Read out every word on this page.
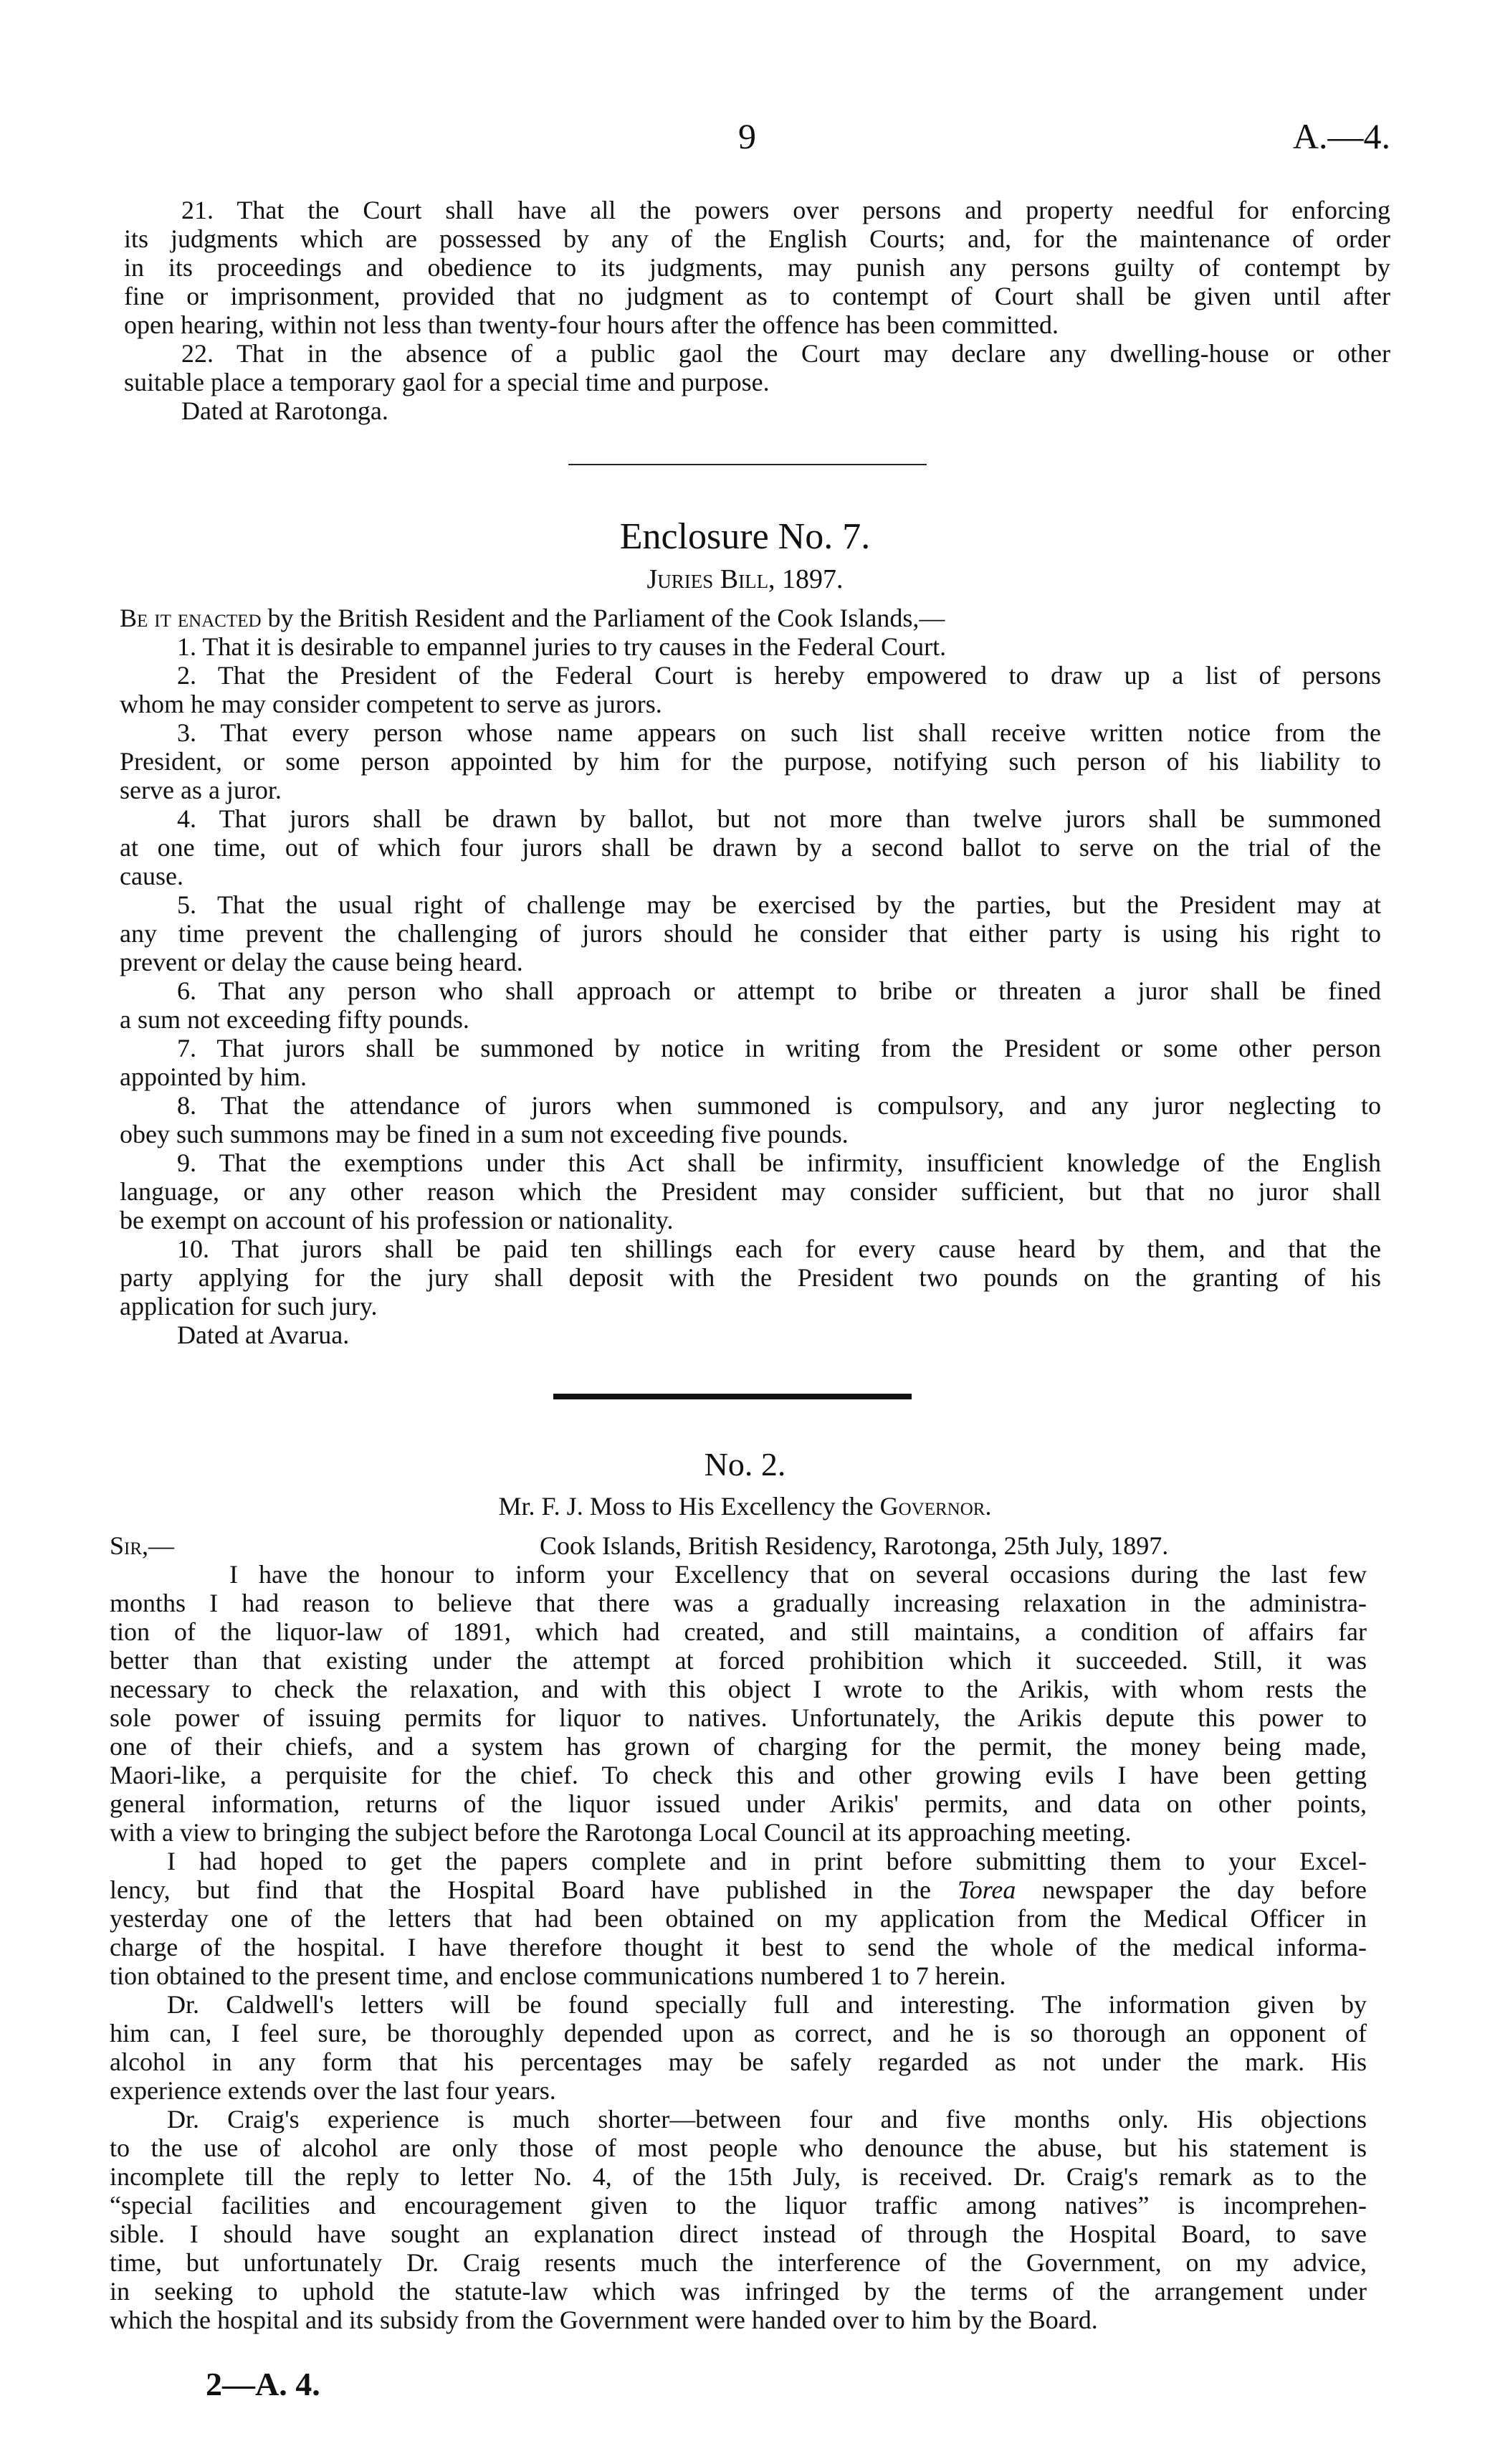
9	A.—4.
21. That the Court shall have all the powers over persons and property needful for enforcing
its judgments which are possessed by any of the English Courts; and, for the maintenance of order
in its proceedings and obedience to its judgments, may punish any persons guilty of contempt by
fine or imprisonment, provided that no judgment as to contempt of Court shall be given until after
open hearing, within not less than twenty-four hours after the offence has been committed.
22. That in the absence of a public gaol the Court may declare any dwelling-house or other
suitable place a temporary gaol for a special time and purpose.
Dated at Rarotonga.
Enclosure No. 7.
Juries Bill, 1897.
Be it enacted by the British Resident and the Parliament of the Cook Islands,—
1. That it is desirable to empannel juries to try causes in the Federal Court.
2. That the President of the Federal Court is hereby empowered to draw up a list of persons
whom he may consider competent to serve as jurors.
3. That every person whose name appears on such list shall receive written notice from the
President, or some person appointed by him for the purpose, notifying such person of his liability to
serve as a juror.
4. That jurors shall be drawn by ballot, but not more than twelve jurors shall be summoned
at one time, out of which four jurors shall be drawn by a second ballot to serve on the trial of the
cause.
5. That the usual right of challenge may be exercised by the parties, but the President may at
any time prevent the challenging of jurors should he consider that either party is using his right to
prevent or delay the cause being heard.
6. That any person who shall approach or attempt to bribe or threaten a juror shall be fined
a sum not exceeding fifty pounds.
7. That jurors shall be summoned by notice in writing from the President or some other person
appointed by him.
8. That the attendance of jurors when summoned is compulsory, and any juror neglecting to
obey such summons may be fined in a sum not exceeding five pounds.
9. That the exemptions under this Act shall be infirmity, insufficient knowledge of the English
language, or any other reason which the President may consider sufficient, but that no juror shall
be exempt on account of his profession or nationality.
10. That jurors shall be paid ten shillings each for every cause heard by them, and that the
party applying for the jury shall deposit with the President two pounds on the granting of his
application for such jury.
Dated at Avarua.
No. 2.
Mr. F. J. Moss to His Excellency the Governor.
Sir,—	Cook Islands, British Residency, Rarotonga, 25th July, 1897.
I have the honour to inform your Excellency that on several occasions during the last few
months I had reason to believe that there was a gradually increasing relaxation in the administra-
tion of the liquor-law of 1891, which had created, and still maintains, a condition of affairs far
better than that existing under the attempt at forced prohibition which it succeeded. Still, it was
necessary to check the relaxation, and with this object I wrote to the Arikis, with whom rests the
sole power of issuing permits for liquor to natives. Unfortunately, the Arikis depute this power to
one of their chiefs, and a system has grown of charging for the permit, the money being made,
Maori-like, a perquisite for the chief. To check this and other growing evils I have been getting
general information, returns of the liquor issued under Arikis' permits, and data on other points,
with a view to bringing the subject before the Rarotonga Local Council at its approaching meeting.
I had hoped to get the papers complete and in print before submitting them to your Excel-
lency, but find that the Hospital Board have published in the Torea newspaper the day before
yesterday one of the letters that had been obtained on my application from the Medical Officer in
charge of the hospital. I have therefore thought it best to send the whole of the medical informa-
tion obtained to the present time, and enclose communications numbered 1 to 7 herein.
Dr. Caldwell's letters will be found specially full and interesting. The information given by
him can, I feel sure, be thoroughly depended upon as correct, and he is so thorough an opponent of
alcohol in any form that his percentages may be safely regarded as not under the mark. His
experience extends over the last four years.
Dr. Craig's experience is much shorter—between four and five months only. His objections
to the use of alcohol are only those of most people who denounce the abuse, but his statement is
incomplete till the reply to letter No. 4, of the 15th July, is received. Dr. Craig's remark as to the
“special facilities and encouragement given to the liquor traffic among natives” is incomprehen-
sible. I should have sought an explanation direct instead of through the Hospital Board, to save
time, but unfortunately Dr. Craig resents much the interference of the Government, on my advice,
in seeking to uphold the statute-law which was infringed by the terms of the arrangement under
which the hospital and its subsidy from the Government were handed over to him by the Board.
2—A. 4.
